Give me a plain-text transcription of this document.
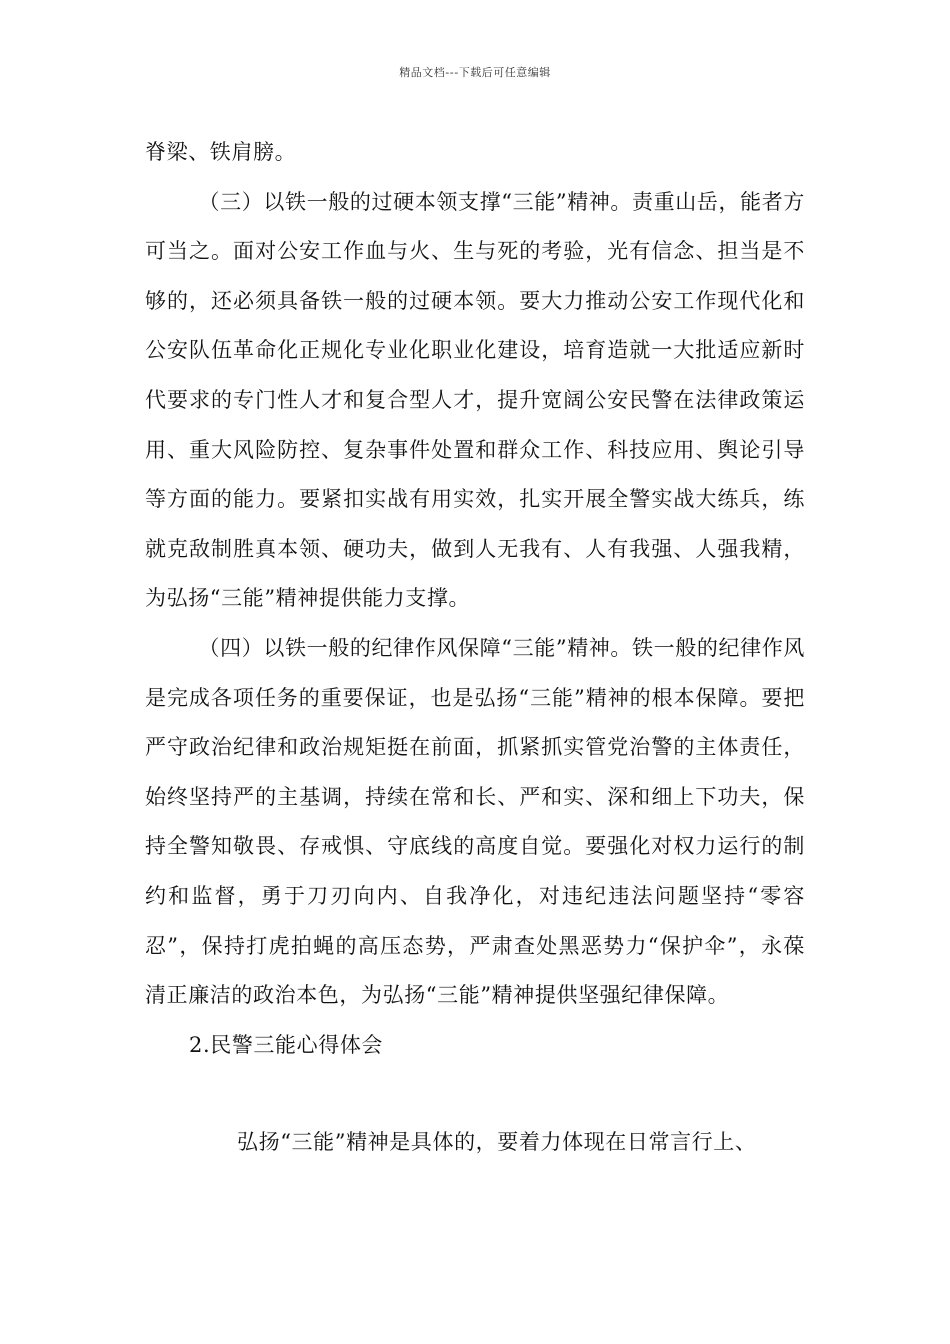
精品文档---下载后可任意编辑

脊梁、铁肩膀。

（三）以铁一般的过硬本领支撑“三能”精神。责重山岳，能者方可当之。面对公安工作血与火、生与死的考验，光有信念、担当是不够的，还必须具备铁一般的过硬本领。要大力推动公安工作现代化和公安队伍革命化正规化专业化职业化建设，培育造就一大批适应新时代要求的专门性人才和复合型人才，提升宽阔公安民警在法律政策运用、重大风险防控、复杂事件处置和群众工作、科技应用、舆论引导等方面的能力。要紧扣实战有用实效，扎实开展全警实战大练兵，练就克敌制胜真本领、硬功夫，做到人无我有、人有我强、人强我精，为弘扬“三能”精神提供能力支撑。

（四）以铁一般的纪律作风保障“三能”精神。铁一般的纪律作风是完成各项任务的重要保证，也是弘扬“三能”精神的根本保障。要把严守政治纪律和政治规矩挺在前面，抓紧抓实管党治警的主体责任，始终坚持严的主基调，持续在常和长、严和实、深和细上下功夫，保持全警知敬畏、存戒惧、守底线的高度自觉。要强化对权力运行的制约和监督，勇于刀刃向内、自我净化，对违纪违法问题坚持“零容忍”，保持打虎拍蝇的高压态势，严肃查处黑恶势力“保护伞”，永葆清正廉洁的政治本色，为弘扬“三能”精神提供坚强纪律保障。

2.民警三能心得体会

弘扬“三能”精神是具体的，要着力体现在日常言行上、
